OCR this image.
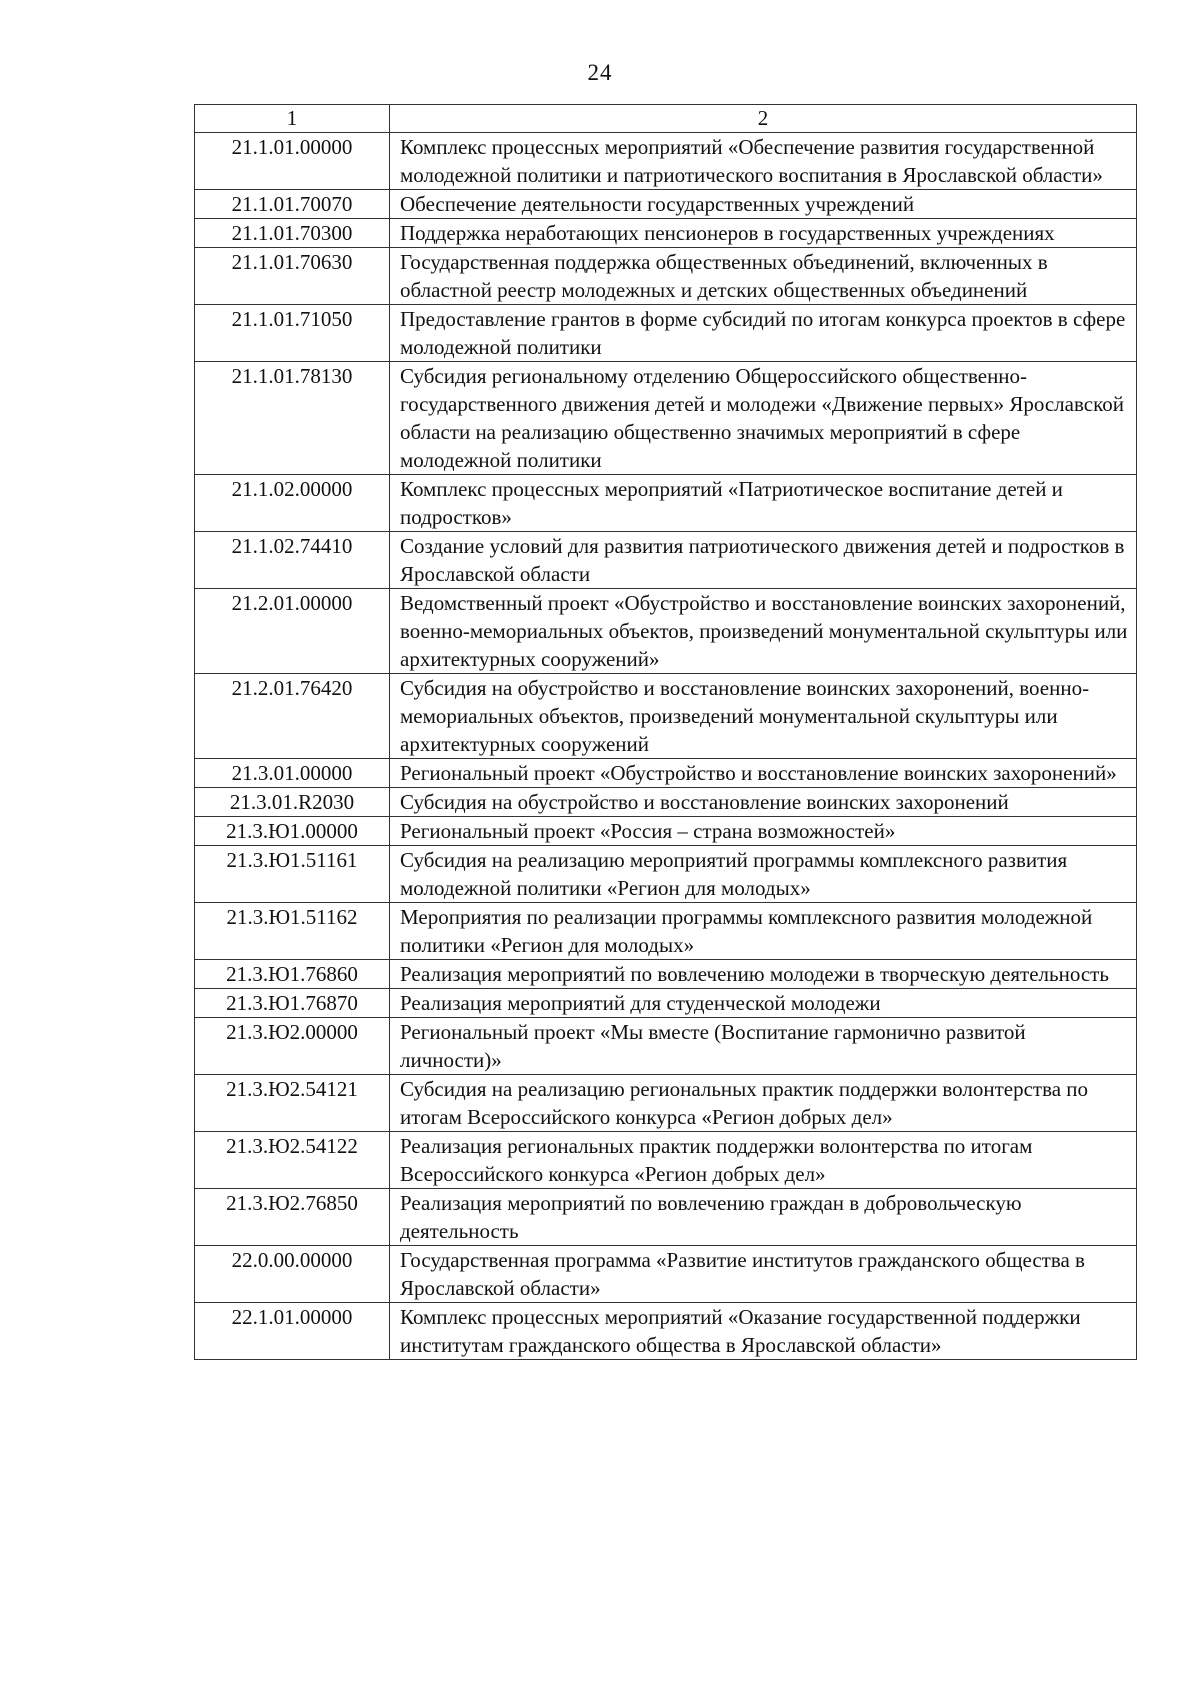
24
1	2
21.1.01.00000	Комплекс процессных мероприятий «Обеспечение развития государственной молодежной политики и патриотического воспитания в Ярославской области»
21.1.01.70070	Обеспечение деятельности государственных учреждений
21.1.01.70300	Поддержка неработающих пенсионеров в государственных учреждениях
21.1.01.70630	Государственная поддержка общественных объединений, включенных в областной реестр молодежных и детских общественных объединений
21.1.01.71050	Предоставление грантов в форме субсидий по итогам конкурса проектов в сфере молодежной политики
21.1.01.78130	Субсидия региональному отделению Общероссийского общественно-государственного движения детей и молодежи «Движение первых» Ярославской области на реализацию общественно значимых мероприятий в сфере молодежной политики
21.1.02.00000	Комплекс процессных мероприятий «Патриотическое воспитание детей и подростков»
21.1.02.74410	Создание условий для развития патриотического движения детей и подростков в Ярославской области
21.2.01.00000	Ведомственный проект «Обустройство и восстановление воинских захоронений, военно-мемориальных объектов, произведений монументальной скульптуры или архитектурных сооружений»
21.2.01.76420	Субсидия на обустройство и восстановление воинских захоронений, военно-мемориальных объектов, произведений монументальной скульптуры или архитектурных сооружений
21.3.01.00000	Региональный проект «Обустройство и восстановление воинских захоронений»
21.3.01.R2030	Субсидия на обустройство и восстановление воинских захоронений
21.3.Ю1.00000	Региональный проект «Россия – страна возможностей»
21.3.Ю1.51161	Субсидия на реализацию мероприятий программы комплексного развития молодежной политики «Регион для молодых»
21.3.Ю1.51162	Мероприятия по реализации программы комплексного развития молодежной политики «Регион для молодых»
21.3.Ю1.76860	Реализация мероприятий по вовлечению молодежи в творческую деятельность
21.3.Ю1.76870	Реализация мероприятий для студенческой молодежи
21.3.Ю2.00000	Региональный проект «Мы вместе (Воспитание гармонично развитой личности)»
21.3.Ю2.54121	Субсидия на реализацию региональных практик поддержки волонтерства по итогам Всероссийского конкурса «Регион добрых дел»
21.3.Ю2.54122	Реализация региональных практик поддержки волонтерства по итогам Всероссийского конкурса «Регион добрых дел»
21.3.Ю2.76850	Реализация мероприятий по вовлечению граждан в добровольческую деятельность
22.0.00.00000	Государственная программа «Развитие институтов гражданского общества в Ярославской области»
22.1.01.00000	Комплекс процессных мероприятий «Оказание государственной поддержки институтам гражданского общества в Ярославской области»
